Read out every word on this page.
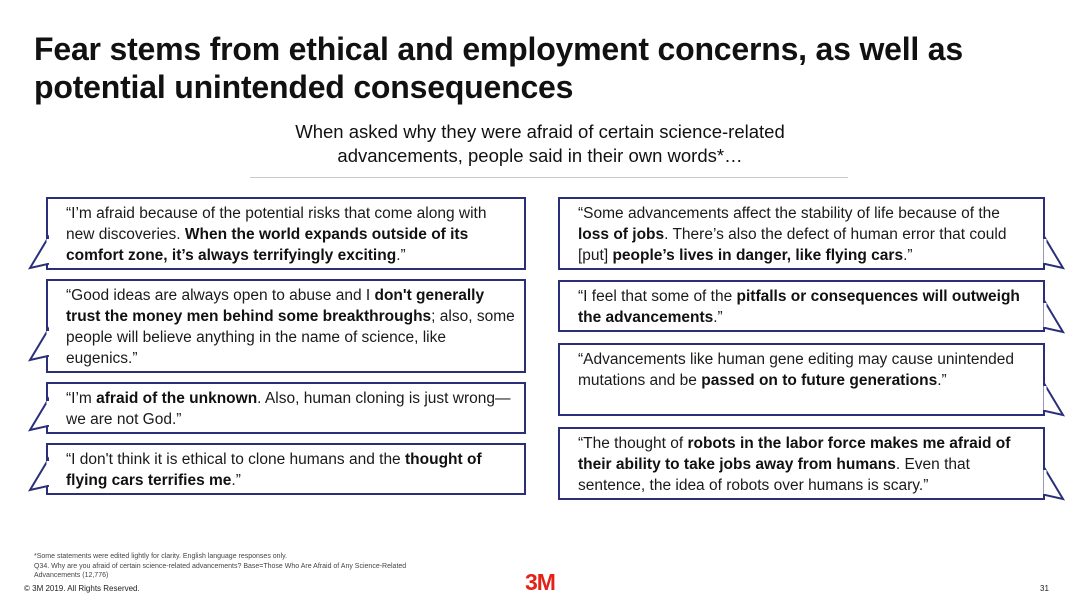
Fear stems from ethical and employment concerns, as well as potential unintended consequences
When asked why they were afraid of certain science-related advancements, people said in their own words*…
“I’m afraid because of the potential risks that come along with new discoveries. When the world expands outside of its comfort zone, it’s always terrifyingly exciting.”
“Good ideas are always open to abuse and I don't generally trust the money men behind some breakthroughs; also, some people will believe anything in the name of science, like eugenics.”
“I’m afraid of the unknown. Also, human cloning is just wrong—we are not God.”
“I don't think it is ethical to clone humans and the thought of flying cars terrifies me.”
“Some advancements affect the stability of life because of the loss of jobs. There’s also the defect of human error that could [put] people’s lives in danger, like flying cars.”
“I feel that some of the pitfalls or consequences will outweigh the advancements.”
“Advancements like human gene editing may cause unintended mutations and be passed on to future generations.”
“The thought of robots in the labor force makes me afraid of their ability to take jobs away from humans. Even that sentence, the idea of robots over humans is scary.”
*Some statements were edited lightly for clarity. English language responses only.
Q34. Why are you afraid of certain science-related advancements? Base=Those Who Are Afraid of Any Science-Related
Advancements (12,776)
© 3M 2019. All Rights Reserved.	3M	31
